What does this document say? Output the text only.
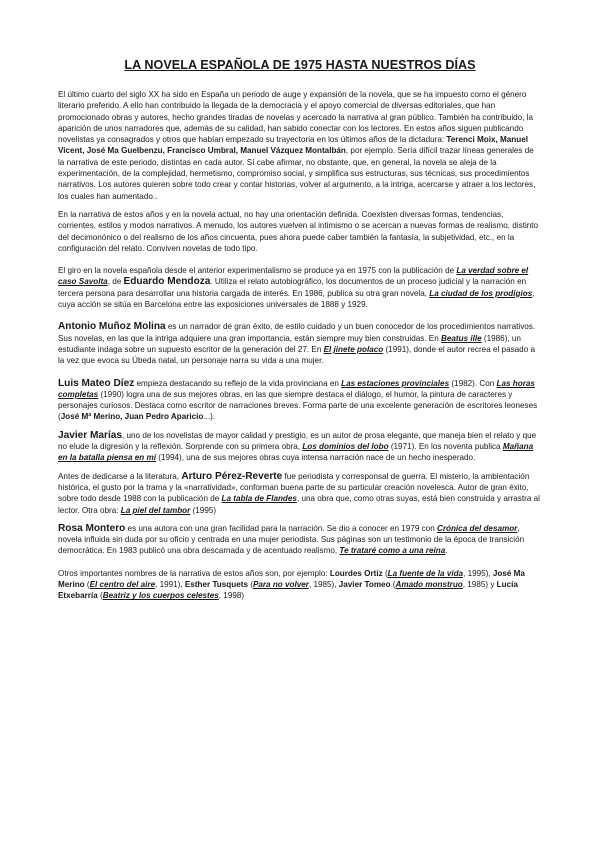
LA NOVELA ESPAÑOLA DE 1975 HASTA NUESTROS DÍAS

El último cuarto del siglo XX ha sido en España un periodo de auge y expansión de la novela, que se ha impuesto como el género literario preferido. A ello han contribuido la llegada de la democracia y el apoyo comercial de diversas editoriales, que han promocionado obras y autores, hecho grandes tiradas de novelas y acercado la narrativa al gran público. También ha contribuido, la aparición de unos narradores que, además de su calidad, han sabido conectar con los lectores. En estos años siguen publicando novelistas ya consagrados y otros que habían empezado su trayectoria en los últimos años de la dictadura: Terenci Moix, Manuel Vicent, José Ma Guelbenzu, Francisco Umbral, Manuel Vázquez Montalbán, por ejemplo. Sería difícil trazar líneas generales de la narrativa de este periodo, distintas en cada autor. Sí cabe afirmar, no obstante, que, en general, la novela se aleja de la experimentación, de la complejidad, hermetismo, compromiso social, y simplifica sus estructuras, sus técnicas, sus procedimientos narrativos. Los autores quieren sobre todo crear y contar historias, volver al argumento, a la intriga, acercarse y atraer a los lectores, los cuales han aumentado..

En la narrativa de estos años y en la novela actual, no hay una orientación definida. Coexisten diversas formas, tendencias, corrientes, estilos y modos narrativos. A menudo, los autores vuelven al intimismo o se acercan a nuevas formas de realismo, distinto del decimonónico o del realismo de los años cincuenta, pues ahora puede caber también la fantasía, la subjetividad, etc., en la configuración del relato. Conviven novelas de todo tipo.

El giro en la novela española desde el anterior experimentalismo se produce ya en 1975 con la publicación de La verdad sobre el caso Savolta, de Eduardo Mendoza. Utiliza el relato autobiográfico, los documentos de un proceso judicial y la narración en tercera persona para desarrollar una historia cargada de interés. En 1986, publica su otra gran novela, La ciudad de los prodigios, cuya acción se sitúa en Barcelona entre las exposiciones universales de 1888 y 1929.

Antonio Muñoz Molina es un narrador de gran éxito, de estilo cuidado y un buen conocedor de los procedimientos narrativos. Sus novelas, en las que la intriga adquiere una gran importancia, están siempre muy bien construidas. En Beatus ille (1986), un estudiante indaga sobre un supuesto escritor de la generación del 27. En El jinete polaco (1991), donde el autor recrea el pasado a la vez que evoca su Úbeda natal, un personaje narra su vida a una mujer.

Luis Mateo Díez empieza destacando su reflejo de la vida provinciana en Las estaciones provinciales (1982). Con Las horas completas (1990) logra una de sus mejores obras, en las que siempre destaca el diálogo, el humor, la pintura de caracteres y personajes curiosos. Destaca como escritor de narraciones breves. Forma parte de una excelente generación de escritores leoneses (José Mª Merino, Juan Pedro Aparicio...).

Javier Marías, uno de los novelistas de mayor calidad y prestigio, es un autor de prosa elegante, que maneja bien el relato y que no elude la digresión y la reflexión. Sorprende con su primera obra, Los dominios del lobo (1971). En los noventa publica Mañana en la batalla piensa en mí (1994), una de sus mejores obras cuya intensa narración nace de un hecho inesperado.

Antes de dedicarse a la literatura, Arturo Pérez-Reverte fue periodista y corresponsal de guerra. El misterio, la ambientación histórica, el gusto por la trama y la «narratividad», conforman buena parte de su particular creación novelesca. Autor de gran éxito, sobre todo desde 1988 con la publicación de La tabla de Flandes, una obra que, como otras suyas, está bien construida y arrastra al lector. Otra obra: La piel del tambor (1995)

Rosa Montero es una autora con una gran facilidad para la narración. Se dio a conocer en 1979 con Crónica del desamor, novela influida sin duda por su oficio y centrada en una mujer periodista. Sus páginas son un testimonio de la época de transición democrática. En 1983 publicó una obra descarnada y de acentuado realismo, Te trataré como a una reina.

Otros importantes nombres de la narrativa de estos años son, por ejemplo: Lourdes Ortiz (La fuente de la vida, 1995), José Ma Merino (El centro del aire, 1991), Esther Tusquets (Para no volver, 1985), Javier Tomeo (Amado monstruo, 1985) y Lucía Etxebarría (Beatriz y los cuerpos celestes, 1998)
